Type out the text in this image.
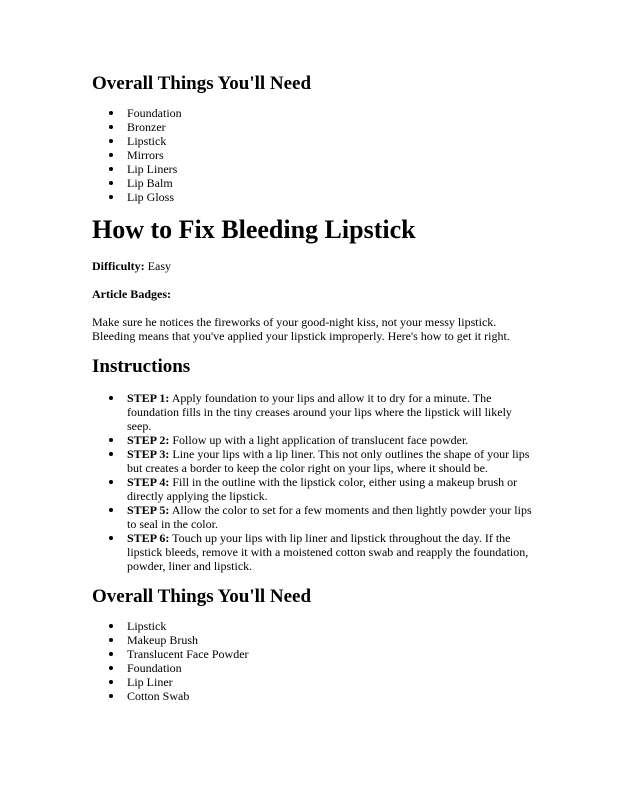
Overall Things You'll Need
Foundation
Bronzer
Lipstick
Mirrors
Lip Liners
Lip Balm
Lip Gloss
How to Fix Bleeding Lipstick

Difficulty: Easy

Article Badges:

Make sure he notices the fireworks of your good-night kiss, not your messy lipstick. Bleeding means that you've applied your lipstick improperly. Here's how to get it right.

Instructions
STEP 1: Apply foundation to your lips and allow it to dry for a minute. The foundation fills in the tiny creases around your lips where the lipstick will likely seep.
STEP 2: Follow up with a light application of translucent face powder.
STEP 3: Line your lips with a lip liner. This not only outlines the shape of your lips but creates a border to keep the color right on your lips, where it should be.
STEP 4: Fill in the outline with the lipstick color, either using a makeup brush or directly applying the lipstick.
STEP 5: Allow the color to set for a few moments and then lightly powder your lips to seal in the color.
STEP 6: Touch up your lips with lip liner and lipstick throughout the day. If the lipstick bleeds, remove it with a moistened cotton swab and reapply the foundation, powder, liner and lipstick.
Overall Things You'll Need
Lipstick
Makeup Brush
Translucent Face Powder
Foundation
Lip Liner
Cotton Swab
